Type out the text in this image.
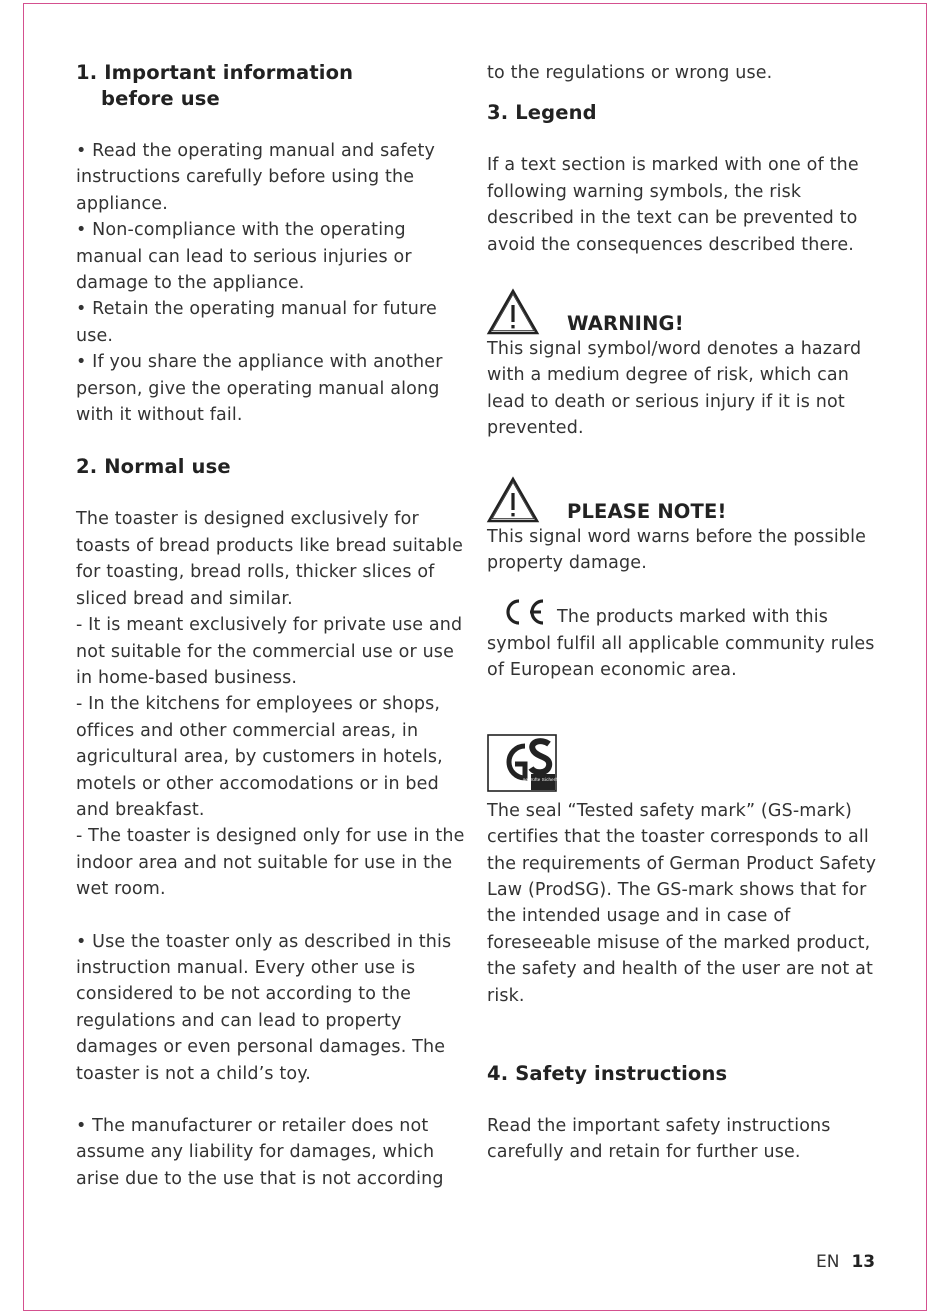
1. Important information
before use

• Read the operating manual and safety instructions carefully before using the appliance.

• Non-compliance with the operating manual can lead to serious injuries or damage to the appliance.

• Retain the operating manual for future use.

• If you share the appliance with another person, give the operating manual along with it without fail.

2. Normal use

The toaster is designed exclusively for toasts of bread products like bread suitable for toasting, bread rolls, thicker slices of sliced bread and similar.

- It is meant exclusively for private use and not suitable for the commercial use or use in home-based business.

- In the kitchens for employees or shops, offices and other commercial areas, in agricultural area, by customers in hotels, motels or other accomodations or in bed and breakfast.

- The toaster is designed only for use in the indoor area and not suitable for use in the wet room.

• Use the toaster only as described in this instruction manual. Every other use is considered to be not according to the regulations and can lead to property damages or even personal damages. The toaster is not a child’s toy.

• The manufacturer or retailer does not assume any liability for damages, which arise due to the use that is not according

to the regulations or wrong use.

3. Legend

If a text section is marked with one of the following warning symbols, the risk described in the text can be prevented to avoid the consequences described there.

WARNING!

This signal symbol/word denotes a hazard with a medium degree of risk, which can lead to death or serious injury if it is not prevented.

PLEASE NOTE!

This signal word warns before the possible property damage.

The products marked with this symbol fulfil all applicable community rules of European economic area.

geprüfte Sicherheit

The seal “Tested safety mark” (GS-mark) certifies that the toaster corresponds to all the requirements of German Product Safety Law (ProdSG). The GS-mark shows that for the intended usage and in case of foreseeable misuse of the marked product, the safety and health of the user are not at risk.

4. Safety instructions

Read the important safety instructions carefully and retain for further use.

EN 13
